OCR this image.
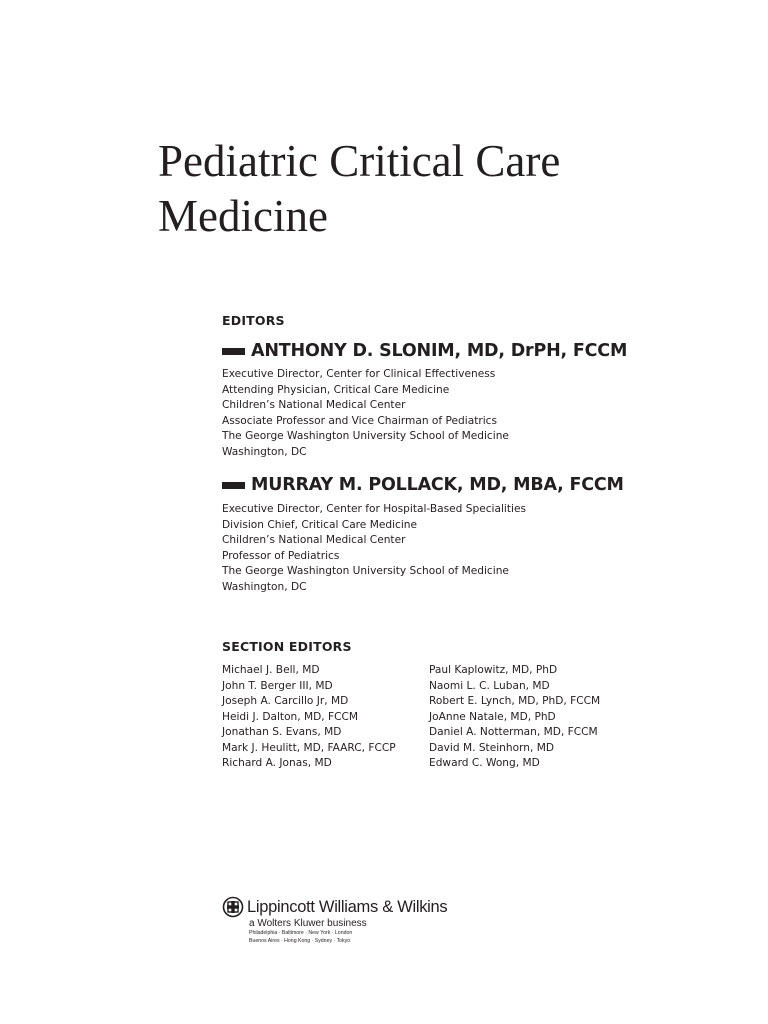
Pediatric Critical Care
Medicine
EDITORS
ANTHONY D. SLONIM, MD, DrPH, FCCM
Executive Director, Center for Clinical Effectiveness
Attending Physician, Critical Care Medicine
Children’s National Medical Center
Associate Professor and Vice Chairman of Pediatrics
The George Washington University School of Medicine
Washington, DC
MURRAY M. POLLACK, MD, MBA, FCCM
Executive Director, Center for Hospital-Based Specialities
Division Chief, Critical Care Medicine
Children’s National Medical Center
Professor of Pediatrics
The George Washington University School of Medicine
Washington, DC
SECTION EDITORS
Michael J. Bell, MD
John T. Berger III, MD
Joseph A. Carcillo Jr, MD
Heidi J. Dalton, MD, FCCM
Jonathan S. Evans, MD
Mark J. Heulitt, MD, FAARC, FCCP
Richard A. Jonas, MD
Paul Kaplowitz, MD, PhD
Naomi L. C. Luban, MD
Robert E. Lynch, MD, PhD, FCCM
JoAnne Natale, MD, PhD
Daniel A. Notterman, MD, FCCM
David M. Steinhorn, MD
Edward C. Wong, MD
Lippincott Williams & Wilkins
a Wolters Kluwer business
Philadelphia · Baltimore · New York · London
Buenos Aires · Hong Kong · Sydney · Tokyo
